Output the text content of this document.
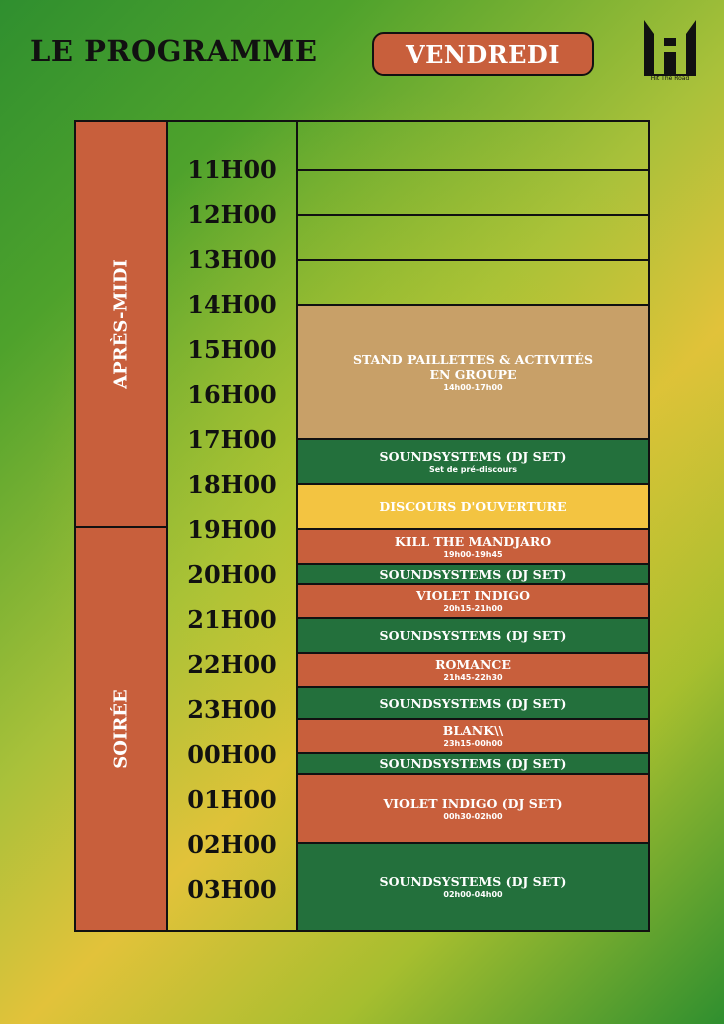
LE PROGRAMME	VENDREDI
Hit The Road
APRÈS-MIDI
SOIRÉE
11H00
12H00
13H00
14H00
15H00
16H00
17H00
18H00
19H00
20H00
21H00
22H00
23H00
00H00
01H00
02H00
03H00
STAND PAILLETTES & ACTIVITÉS
EN GROUPE
14h00-17h00
SOUNDSYSTEMS (DJ SET)
Set de pré-discours
DISCOURS D'OUVERTURE
KILL THE MANDJARO
19h00-19h45
SOUNDSYSTEMS (DJ SET)
VIOLET INDIGO
20h15-21h00
SOUNDSYSTEMS (DJ SET)
ROMANCE
21h45-22h30
SOUNDSYSTEMS (DJ SET)
BLANK\\
23h15-00h00
SOUNDSYSTEMS (DJ SET)
VIOLET INDIGO (DJ SET)
00h30-02h00
SOUNDSYSTEMS (DJ SET)
02h00-04h00
